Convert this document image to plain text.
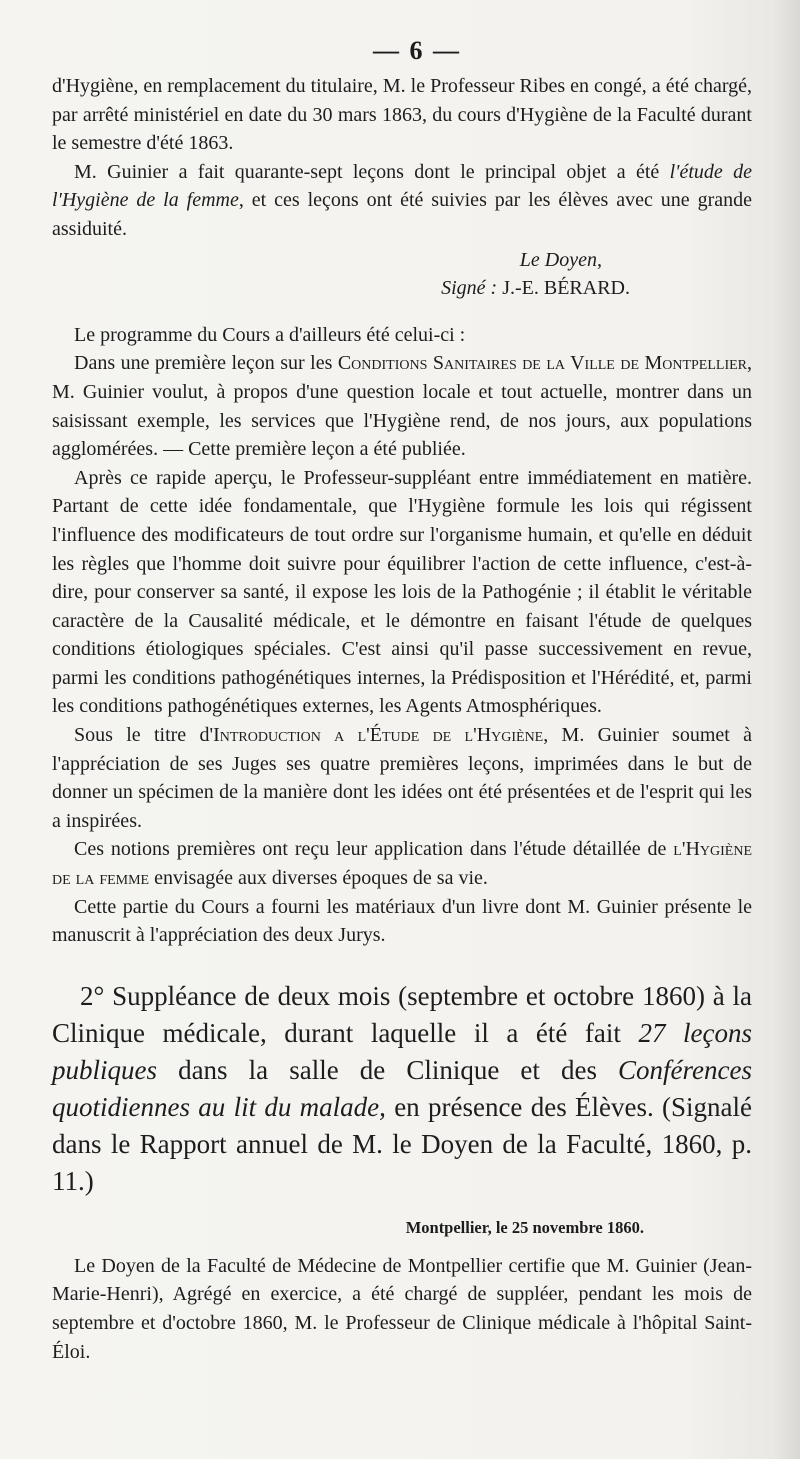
— 6 —

d'Hygiène, en remplacement du titulaire, M. le Professeur Ribes en congé, a été chargé, par arrêté ministériel en date du 30 mars 1863, du cours d'Hygiène de la Faculté durant le semestre d'été 1863.

M. Guinier a fait quarante-sept leçons dont le principal objet a été l'étude de l'Hygiène de la femme, et ces leçons ont été suivies par les élèves avec une grande assiduité.

Le Doyen,

Signé : J.-E. BÉRARD.

Le programme du Cours a d'ailleurs été celui-ci :

Dans une première leçon sur les Conditions Sanitaires de la Ville de Montpellier, M. Guinier voulut, à propos d'une question locale et tout actuelle, montrer dans un saisissant exemple, les services que l'Hygiène rend, de nos jours, aux populations agglomérées. — Cette première leçon a été publiée.

Après ce rapide aperçu, le Professeur-suppléant entre immédiatement en matière. Partant de cette idée fondamentale, que l'Hygiène formule les lois qui régissent l'influence des modificateurs de tout ordre sur l'organisme humain, et qu'elle en déduit les règles que l'homme doit suivre pour équilibrer l'action de cette influence, c'est-à-dire, pour conserver sa santé, il expose les lois de la Pathogénie ; il établit le véritable caractère de la Causalité médicale, et le démontre en faisant l'étude de quelques conditions étiologiques spéciales. C'est ainsi qu'il passe successivement en revue, parmi les conditions pathogénétiques internes, la Prédisposition et l'Hérédité, et, parmi les conditions pathogénétiques externes, les Agents Atmosphériques.

Sous le titre d'Introduction a l'Étude de l'Hygiène, M. Guinier soumet à l'appréciation de ses Juges ses quatre premières leçons, imprimées dans le but de donner un spécimen de la manière dont les idées ont été présentées et de l'esprit qui les a inspirées.

Ces notions premières ont reçu leur application dans l'étude détaillée de l'Hygiène de la femme envisagée aux diverses époques de sa vie.

Cette partie du Cours a fourni les matériaux d'un livre dont M. Guinier présente le manuscrit à l'appréciation des deux Jurys.

2° Suppléance de deux mois (septembre et octobre 1860) à la Clinique médicale, durant laquelle il a été fait 27 leçons publiques dans la salle de Clinique et des Conférences quotidiennes au lit du malade, en présence des Élèves. (Signalé dans le Rapport annuel de M. le Doyen de la Faculté, 1860, p. 11.)

Montpellier, le 25 novembre 1860.

Le Doyen de la Faculté de Médecine de Montpellier certifie que M. Guinier (Jean-Marie-Henri), Agrégé en exercice, a été chargé de suppléer, pendant les mois de septembre et d'octobre 1860, M. le Professeur de Clinique médicale à l'hôpital Saint-Éloi.
